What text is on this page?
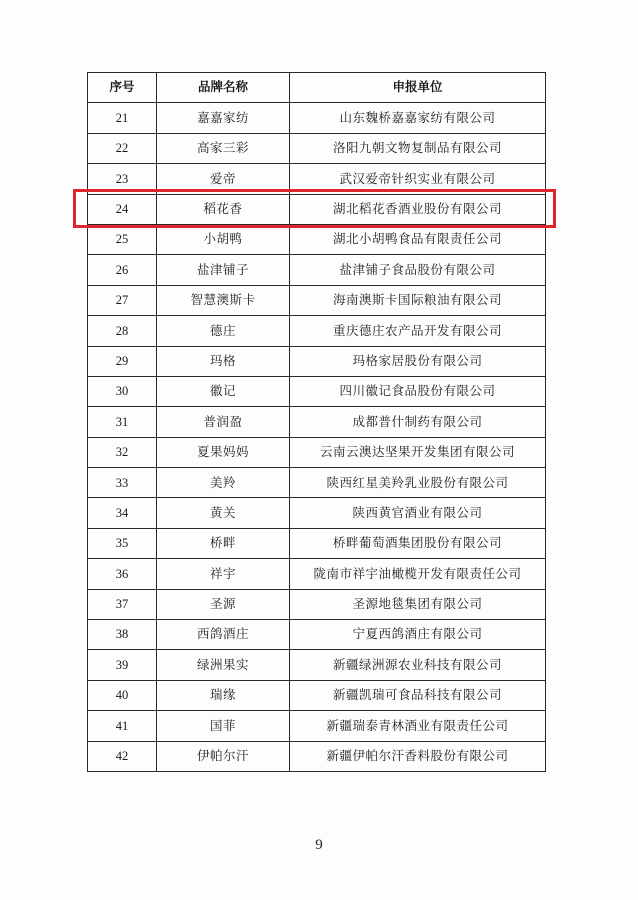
序号	品牌名称	申报单位
21	嘉嘉家纺	山东魏桥嘉嘉家纺有限公司
22	高家三彩	洛阳九朝文物复制品有限公司
23	爱帝	武汉爱帝针织实业有限公司
24	稻花香	湖北稻花香酒业股份有限公司
25	小胡鸭	湖北小胡鸭食品有限责任公司
26	盐津铺子	盐津铺子食品股份有限公司
27	智慧澳斯卡	海南澳斯卡国际粮油有限公司
28	德庄	重庆德庄农产品开发有限公司
29	玛格	玛格家居股份有限公司
30	徽记	四川徽记食品股份有限公司
31	普润盈	成都普什制药有限公司
32	夏果妈妈	云南云澳达坚果开发集团有限公司
33	美羚	陕西红星美羚乳业股份有限公司
34	黄关	陕西黄官酒业有限公司
35	桥畔	桥畔葡萄酒集团股份有限公司
36	祥宇	陇南市祥宇油橄榄开发有限责任公司
37	圣源	圣源地毯集团有限公司
38	西鸽酒庄	宁夏西鸽酒庄有限公司
39	绿洲果实	新疆绿洲源农业科技有限公司
40	瑞缘	新疆凯瑞可食品科技有限公司
41	国菲	新疆瑞泰青林酒业有限责任公司
42	伊帕尔汗	新疆伊帕尔汗香料股份有限公司
9
